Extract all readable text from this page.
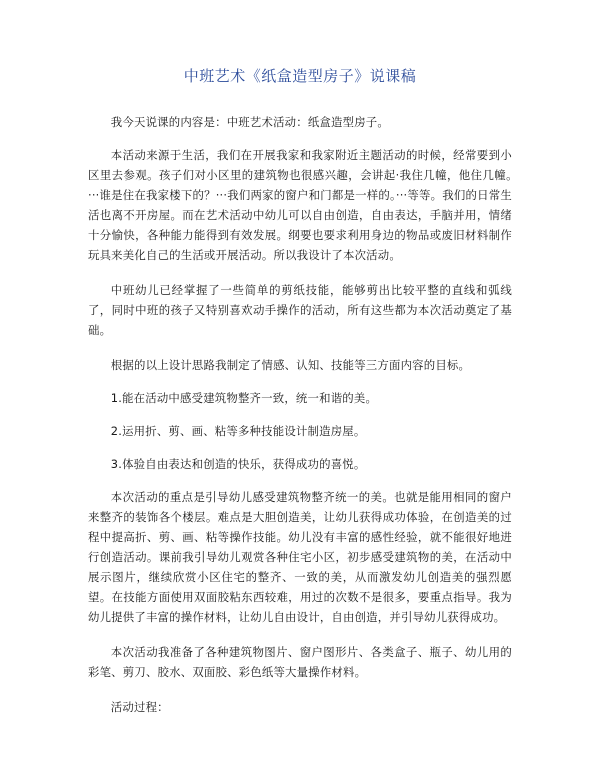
中班艺术《纸盒造型房子》说课稿

我今天说课的内容是：中班艺术活动：纸盒造型房子。

本活动来源于生活，我们在开展我家和我家附近主题活动的时候，经常要到小区里去参观。孩子们对小区里的建筑物也很感兴趣，会讲起·我住几幢，他住几幢。···谁是住在我家楼下的？···我们两家的窗户和门都是一样的。···等等。我们的日常生活也离不开房屋。而在艺术活动中幼儿可以自由创造，自由表达，手脑并用，情绪十分愉快，各种能力能得到有效发展。纲要也要求利用身边的物品或废旧材料制作玩具来美化自己的生活或开展活动。所以我设计了本次活动。

中班幼儿已经掌握了一些简单的剪纸技能，能够剪出比较平整的直线和弧线了，同时中班的孩子又特别喜欢动手操作的活动，所有这些都为本次活动奠定了基础。

根据的以上设计思路我制定了情感、认知、技能等三方面内容的目标。

1.能在活动中感受建筑物整齐一致，统一和谐的美。

2.运用折、剪、画、粘等多种技能设计制造房屋。

3.体验自由表达和创造的快乐，获得成功的喜悦。

本次活动的重点是引导幼儿感受建筑物整齐统一的美。也就是能用相同的窗户来整齐的装饰各个楼层。难点是大胆创造美，让幼儿获得成功体验，在创造美的过程中提高折、剪、画、粘等操作技能。幼儿没有丰富的感性经验，就不能很好地进行创造活动。课前我引导幼儿观赏各种住宅小区，初步感受建筑物的美，在活动中展示图片，继续欣赏小区住宅的整齐、一致的美，从而激发幼儿创造美的强烈愿望。在技能方面使用双面胶粘东西较难，用过的次数不是很多，要重点指导。我为幼儿提供了丰富的操作材料，让幼儿自由设计，自由创造，并引导幼儿获得成功。

本次活动我准备了各种建筑物图片、窗户图形片、各类盒子、瓶子、幼儿用的彩笔、剪刀、胶水、双面胶、彩色纸等大量操作材料。

活动过程：
